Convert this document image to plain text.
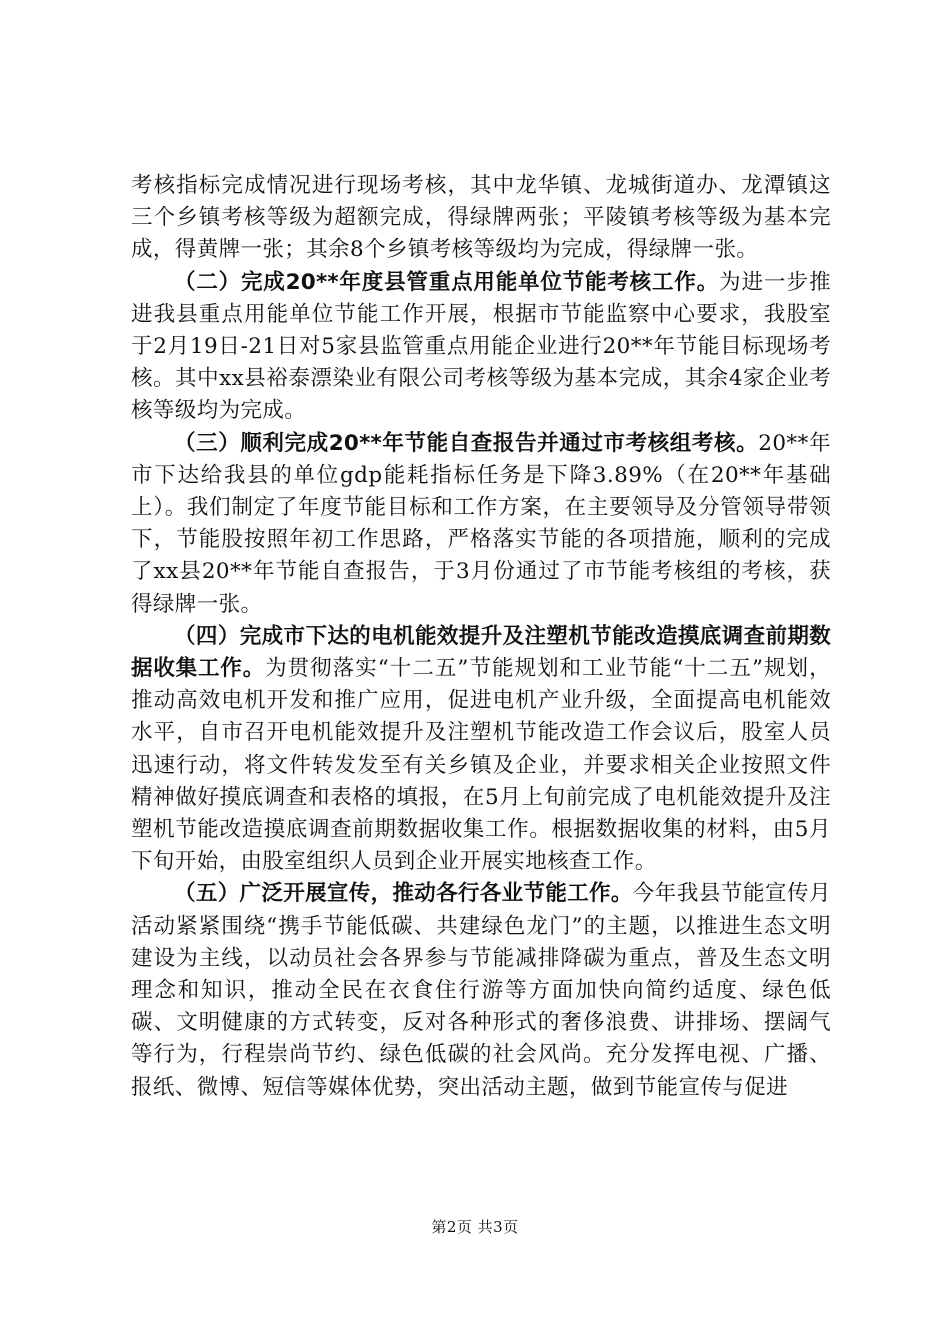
考核指标完成情况进行现场考核，其中龙华镇、龙城街道办、龙潭镇这三个乡镇考核等级为超额完成，得绿牌两张；平陵镇考核等级为基本完成，得黄牌一张；其余8个乡镇考核等级均为完成，得绿牌一张。

（二）完成20**年度县管重点用能单位节能考核工作。为进一步推进我县重点用能单位节能工作开展，根据市节能监察中心要求，我股室于2月19日-21日对5家县监管重点用能企业进行20**年节能目标现场考核。其中xx县裕泰漂染业有限公司考核等级为基本完成，其余4家企业考核等级均为完成。

（三）顺利完成20**年节能自查报告并通过市考核组考核。20**年市下达给我县的单位gdp能耗指标任务是下降3.89%（在20**年基础上）。我们制定了年度节能目标和工作方案，在主要领导及分管领导带领下，节能股按照年初工作思路，严格落实节能的各项措施，顺利的完成了xx县20**年节能自查报告，于3月份通过了市节能考核组的考核，获得绿牌一张。

（四）完成市下达的电机能效提升及注塑机节能改造摸底调查前期数据收集工作。为贯彻落实“十二五”节能规划和工业节能“十二五”规划，推动高效电机开发和推广应用，促进电机产业升级，全面提高电机能效水平，自市召开电机能效提升及注塑机节能改造工作会议后，股室人员迅速行动，将文件转发发至有关乡镇及企业，并要求相关企业按照文件精神做好摸底调查和表格的填报，在5月上旬前完成了电机能效提升及注塑机节能改造摸底调查前期数据收集工作。根据数据收集的材料，由5月下旬开始，由股室组织人员到企业开展实地核查工作。

（五）广泛开展宣传，推动各行各业节能工作。今年我县节能宣传月活动紧紧围绕“携手节能低碳、共建绿色龙门”的主题，以推进生态文明建设为主线，以动员社会各界参与节能减排降碳为重点，普及生态文明理念和知识，推动全民在衣食住行游等方面加快向简约适度、绿色低碳、文明健康的方式转变，反对各种形式的奢侈浪费、讲排场、摆阔气等行为，行程崇尚节约、绿色低碳的社会风尚。充分发挥电视、广播、报纸、微博、短信等媒体优势，突出活动主题，做到节能宣传与促进

第2页 共3页
